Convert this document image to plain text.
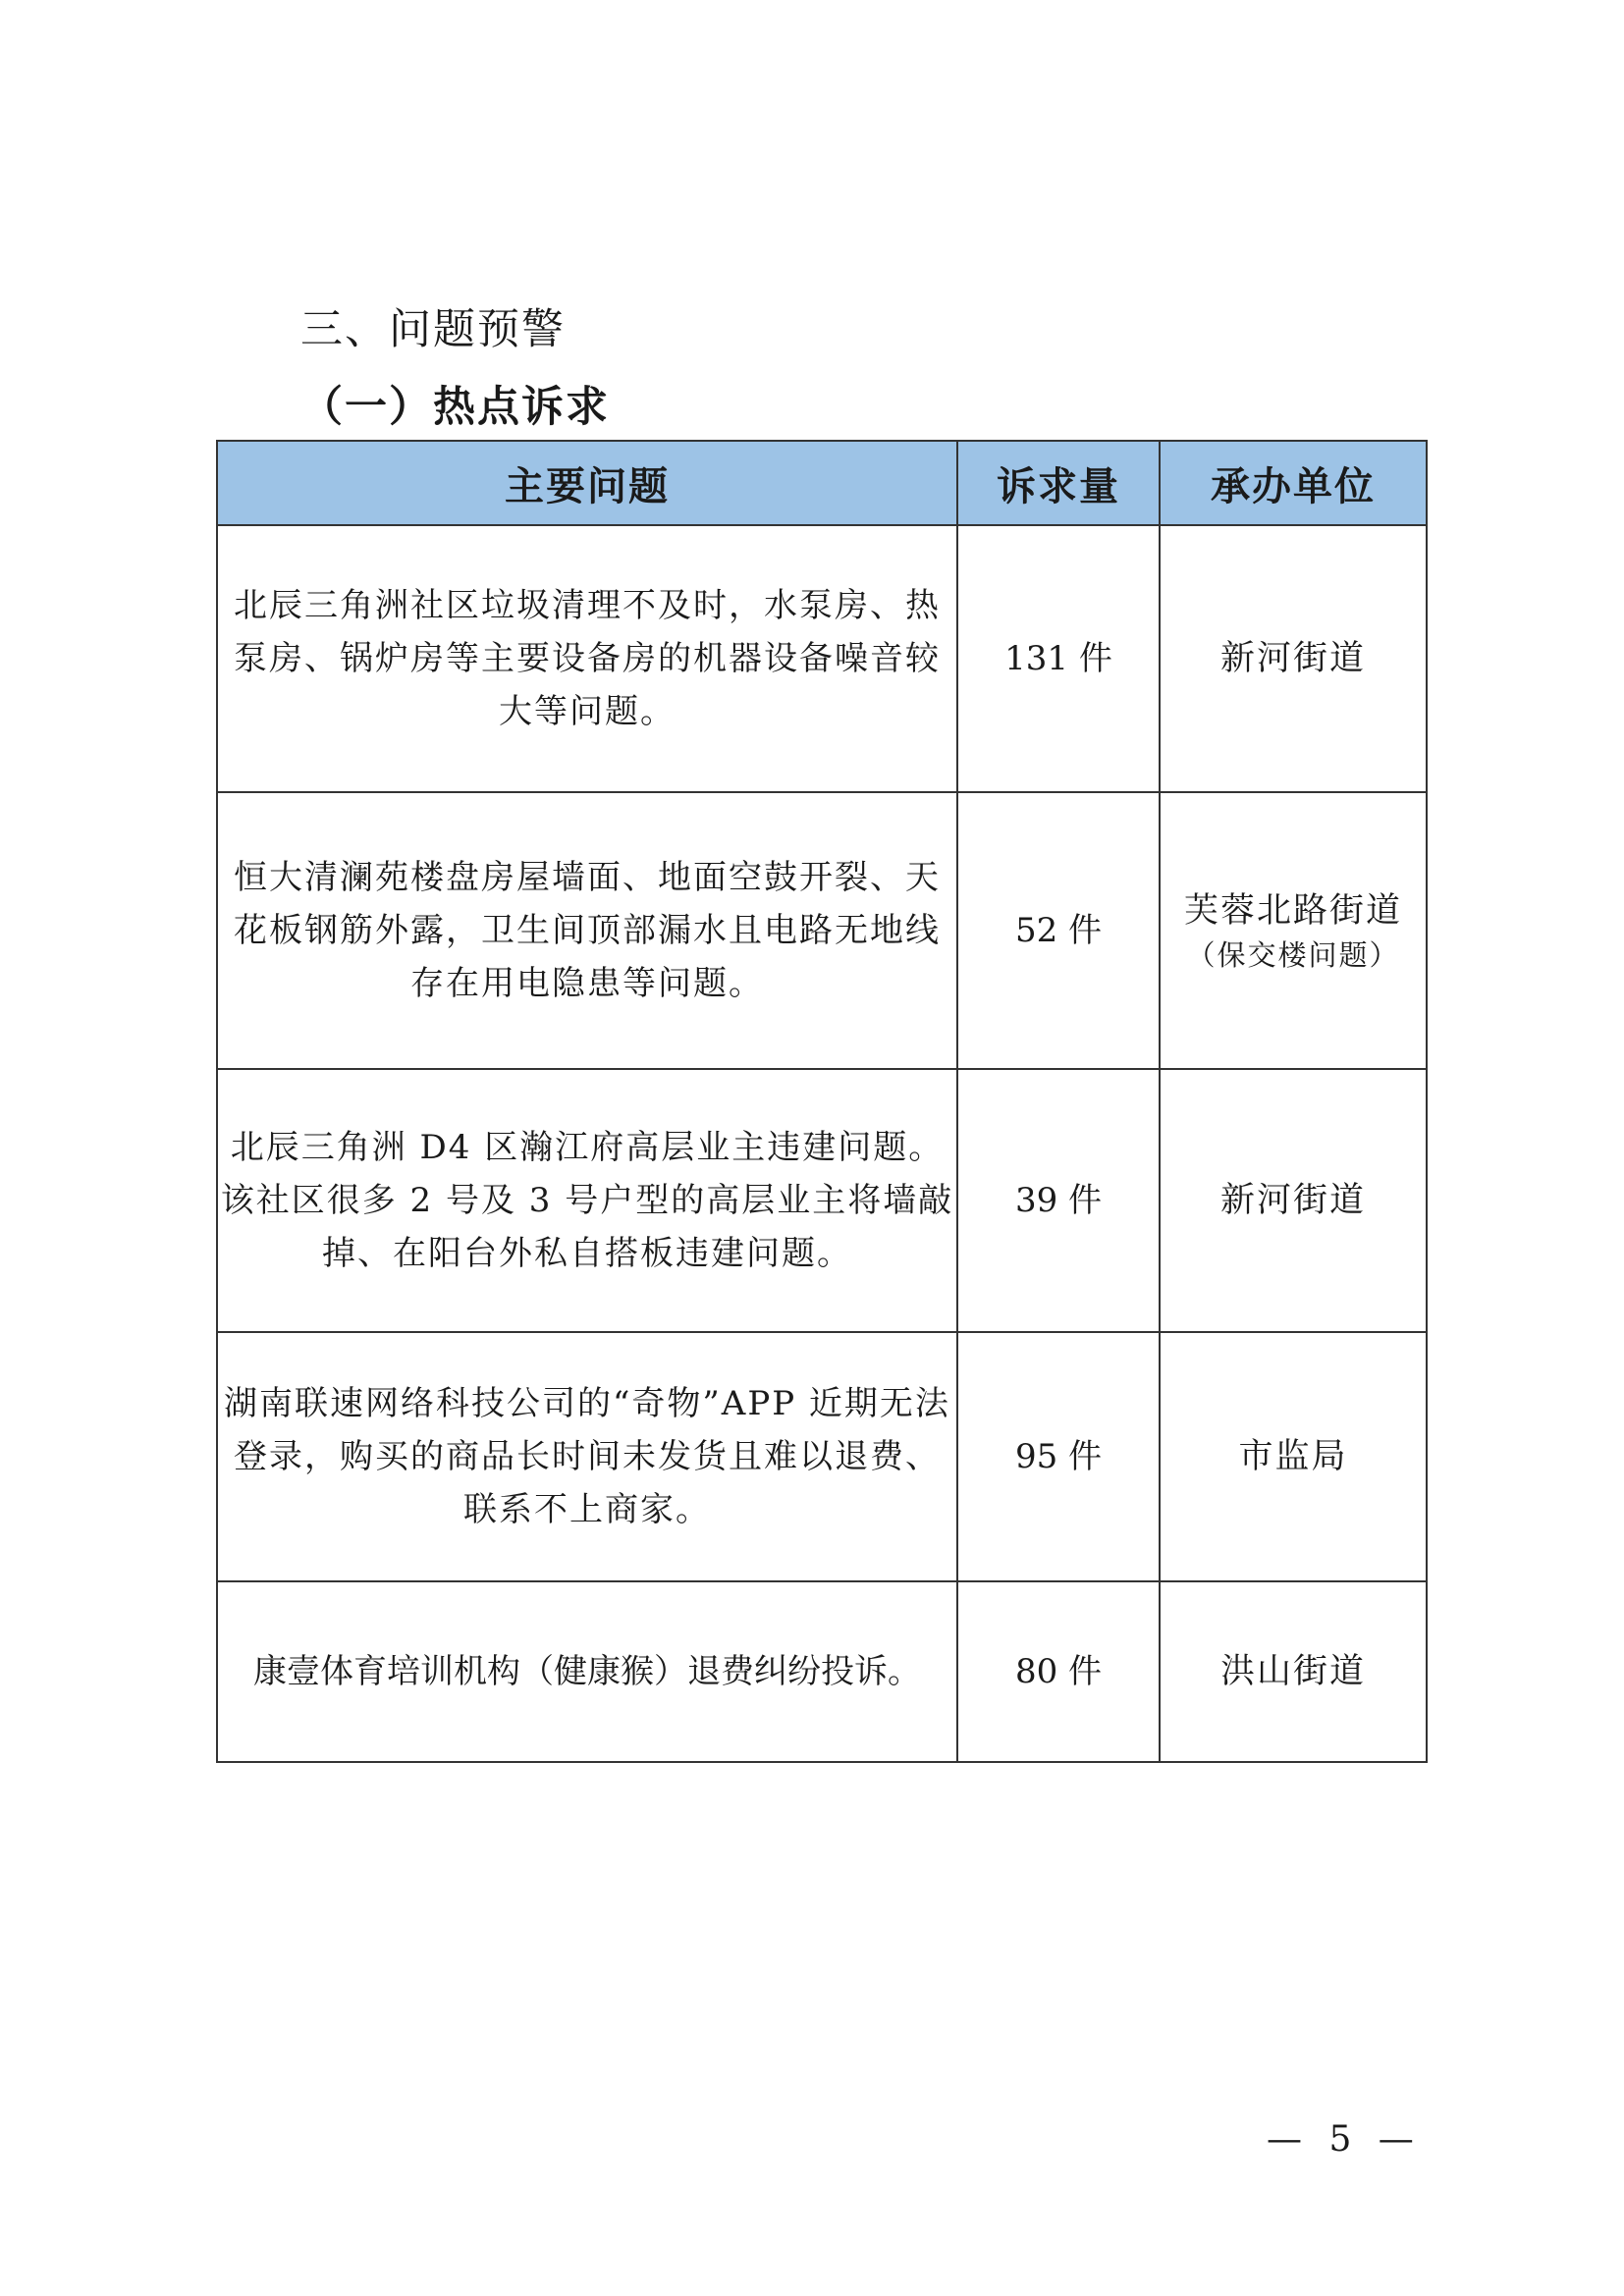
三、问题预警
（一）热点诉求
主要问题	诉求量	承办单位
北辰三角洲社区垃圾清理不及时，水泵房、热泵房、锅炉房等主要设备房的机器设备噪音较大等问题。	131 件	新河街道

恒大清澜苑楼盘房屋墙面、地面空鼓开裂、天花板钢筋外露，卫生间顶部漏水且电路无地线存在用电隐患等问题。	52 件	芙蓉北路街道
（保交楼问题）

北辰三角洲 D4 区瀚江府高层业主违建问题。该社区很多 2 号及 3 号户型的高层业主将墙敲掉、在阳台外私自搭板违建问题。	39 件	新河街道

湖南联速网络科技公司的“奇物”APP 近期无法登录，购买的商品长时间未发货且难以退费、联系不上商家。	95 件	市监局

康壹体育培训机构（健康猴）退费纠纷投诉。	80 件	洪山街道
— 5 —
